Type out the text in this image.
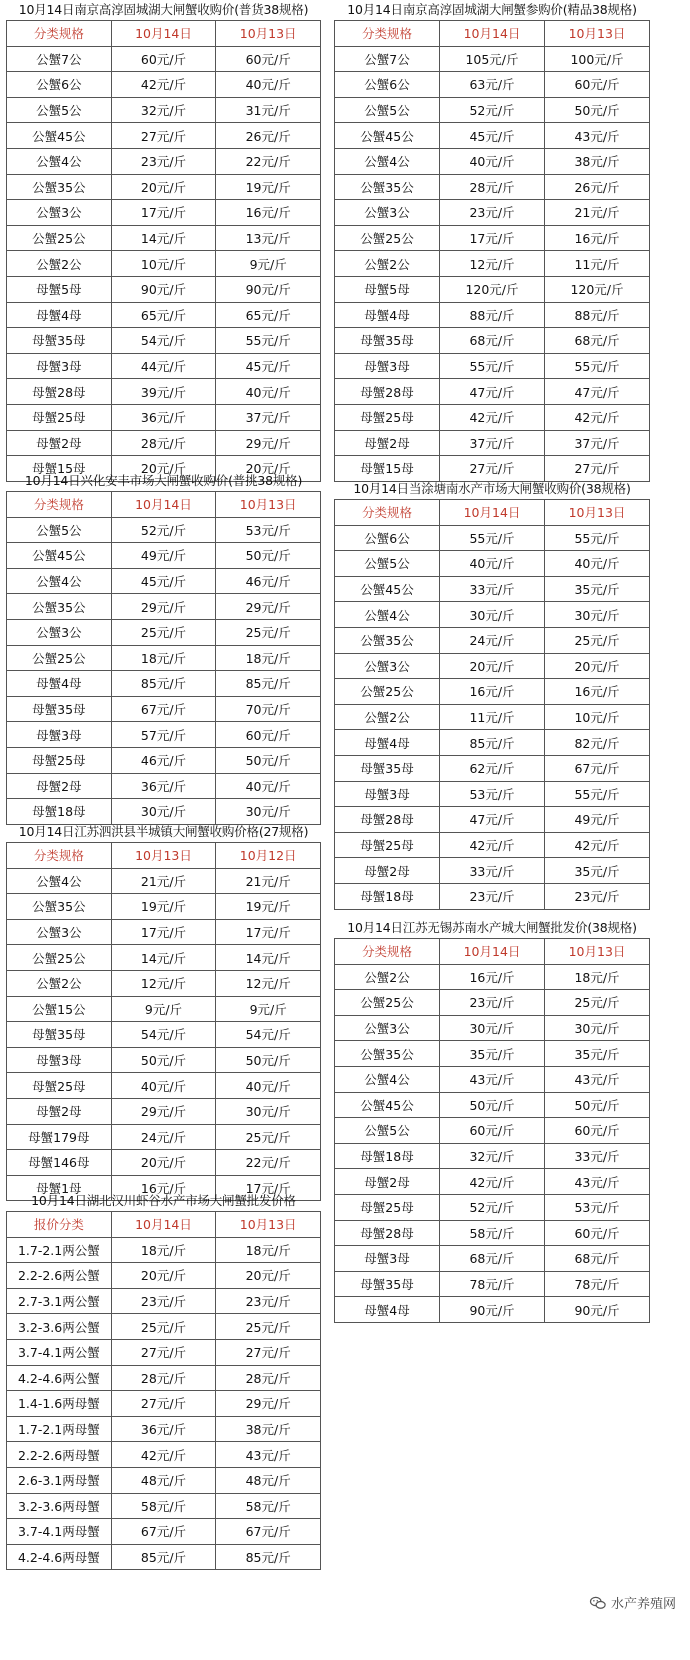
10月14日南京高淳固城湖大闸蟹收购价(普货38规格)
分类规格	10月14日	10月13日
公蟹7公	60元/斤	60元/斤
公蟹6公	42元/斤	40元/斤
公蟹5公	32元/斤	31元/斤
公蟹45公	27元/斤	26元/斤
公蟹4公	23元/斤	22元/斤
公蟹35公	20元/斤	19元/斤
公蟹3公	17元/斤	16元/斤
公蟹25公	14元/斤	13元/斤
公蟹2公	10元/斤	9元/斤
母蟹5母	90元/斤	90元/斤
母蟹4母	65元/斤	65元/斤
母蟹35母	54元/斤	55元/斤
母蟹3母	44元/斤	45元/斤
母蟹28母	39元/斤	40元/斤
母蟹25母	36元/斤	37元/斤
母蟹2母	28元/斤	29元/斤
母蟹15母	20元/斤	20元/斤
10月14日南京高淳固城湖大闸蟹参购价(精品38规格)
分类规格	10月14日	10月13日
公蟹7公	105元/斤	100元/斤
公蟹6公	63元/斤	60元/斤
公蟹5公	52元/斤	50元/斤
公蟹45公	45元/斤	43元/斤
公蟹4公	40元/斤	38元/斤
公蟹35公	28元/斤	26元/斤
公蟹3公	23元/斤	21元/斤
公蟹25公	17元/斤	16元/斤
公蟹2公	12元/斤	11元/斤
母蟹5母	120元/斤	120元/斤
母蟹4母	88元/斤	88元/斤
母蟹35母	68元/斤	68元/斤
母蟹3母	55元/斤	55元/斤
母蟹28母	47元/斤	47元/斤
母蟹25母	42元/斤	42元/斤
母蟹2母	37元/斤	37元/斤
母蟹15母	27元/斤	27元/斤
10月14日兴化安丰市场大闸蟹收购价(普挑38规格)
分类规格	10月14日	10月13日
公蟹5公	52元/斤	53元/斤
公蟹45公	49元/斤	50元/斤
公蟹4公	45元/斤	46元/斤
公蟹35公	29元/斤	29元/斤
公蟹3公	25元/斤	25元/斤
公蟹25公	18元/斤	18元/斤
母蟹4母	85元/斤	85元/斤
母蟹35母	67元/斤	70元/斤
母蟹3母	57元/斤	60元/斤
母蟹25母	46元/斤	50元/斤
母蟹2母	36元/斤	40元/斤
母蟹18母	30元/斤	30元/斤
10月14日当涂塘南水产市场大闸蟹收购价(38规格)
分类规格	10月14日	10月13日
公蟹6公	55元/斤	55元/斤
公蟹5公	40元/斤	40元/斤
公蟹45公	33元/斤	35元/斤
公蟹4公	30元/斤	30元/斤
公蟹35公	24元/斤	25元/斤
公蟹3公	20元/斤	20元/斤
公蟹25公	16元/斤	16元/斤
公蟹2公	11元/斤	10元/斤
母蟹4母	85元/斤	82元/斤
母蟹35母	62元/斤	67元/斤
母蟹3母	53元/斤	55元/斤
母蟹28母	47元/斤	49元/斤
母蟹25母	42元/斤	42元/斤
母蟹2母	33元/斤	35元/斤
母蟹18母	23元/斤	23元/斤
10月14日江苏泗洪县半城镇大闸蟹收购价格(27规格)
分类规格	10月13日	10月12日
公蟹4公	21元/斤	21元/斤
公蟹35公	19元/斤	19元/斤
公蟹3公	17元/斤	17元/斤
公蟹25公	14元/斤	14元/斤
公蟹2公	12元/斤	12元/斤
公蟹15公	9元/斤	9元/斤
母蟹35母	54元/斤	54元/斤
母蟹3母	50元/斤	50元/斤
母蟹25母	40元/斤	40元/斤
母蟹2母	29元/斤	30元/斤
母蟹179母	24元/斤	25元/斤
母蟹146母	20元/斤	22元/斤
母蟹1母	16元/斤	17元/斤
10月14日江苏无锡苏南水产城大闸蟹批发价(38规格)
分类规格	10月14日	10月13日
公蟹2公	16元/斤	18元/斤
公蟹25公	23元/斤	25元/斤
公蟹3公	30元/斤	30元/斤
公蟹35公	35元/斤	35元/斤
公蟹4公	43元/斤	43元/斤
公蟹45公	50元/斤	50元/斤
公蟹5公	60元/斤	60元/斤
母蟹18母	32元/斤	33元/斤
母蟹2母	42元/斤	43元/斤
母蟹25母	52元/斤	53元/斤
母蟹28母	58元/斤	60元/斤
母蟹3母	68元/斤	68元/斤
母蟹35母	78元/斤	78元/斤
母蟹4母	90元/斤	90元/斤
10月14日湖北汉川虾谷水产市场大闸蟹批发价格
报价分类	10月14日	10月13日
1.7-2.1两公蟹	18元/斤	18元/斤
2.2-2.6两公蟹	20元/斤	20元/斤
2.7-3.1两公蟹	23元/斤	23元/斤
3.2-3.6两公蟹	25元/斤	25元/斤
3.7-4.1两公蟹	27元/斤	27元/斤
4.2-4.6两公蟹	28元/斤	28元/斤
1.4-1.6两母蟹	27元/斤	29元/斤
1.7-2.1两母蟹	36元/斤	38元/斤
2.2-2.6两母蟹	42元/斤	43元/斤
2.6-3.1两母蟹	48元/斤	48元/斤
3.2-3.6两母蟹	58元/斤	58元/斤
3.7-4.1两母蟹	67元/斤	67元/斤
4.2-4.6两母蟹	85元/斤	85元/斤
水产养殖网
